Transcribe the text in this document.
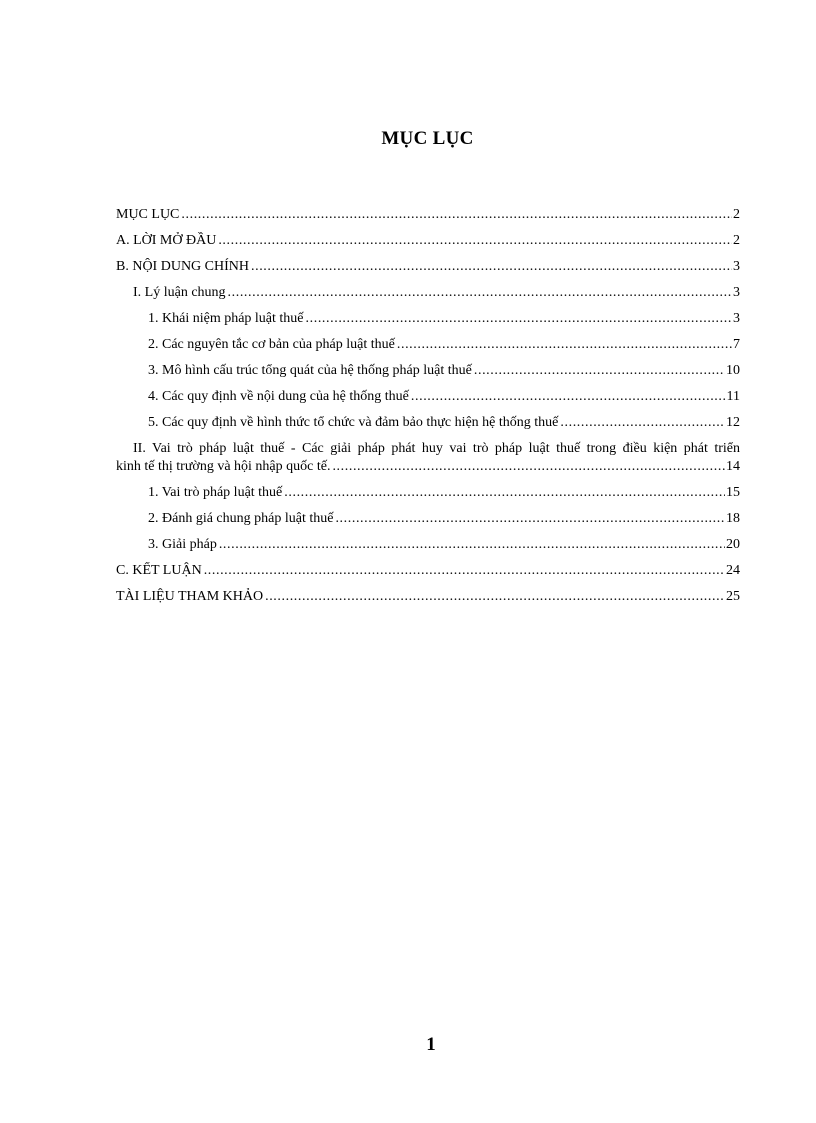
MỤC LỤC
MỤC LỤC .....	2
A. LỜI MỞ ĐẦU .....	2
B. NỘI DUNG CHÍNH .....	3
I. Lý luận chung .....	3
1. Khái niệm pháp luật thuế .....	3
2. Các nguyên tắc cơ bản của pháp luật thuế .....	7
3. Mô hình cấu trúc tổng quát của hệ thống pháp luật thuế .....	10
4. Các quy định về nội dung của hệ thống thuế .....	11
5. Các quy định về hình thức tổ chức và đảm bảo thực hiện hệ thống thuế .....	12
II. Vai trò pháp luật thuế - Các giải pháp phát huy vai trò pháp luật thuế trong điều kiện phát triển
kinh tế thị trường và hội nhập quốc tế. .....	14
1. Vai trò pháp luật thuế .....	15
2. Đánh giá chung pháp luật thuế .....	18
3. Giải pháp .....	20
C. KẾT LUẬN .....	24
TÀI LIỆU THAM KHẢO .....	25
1
